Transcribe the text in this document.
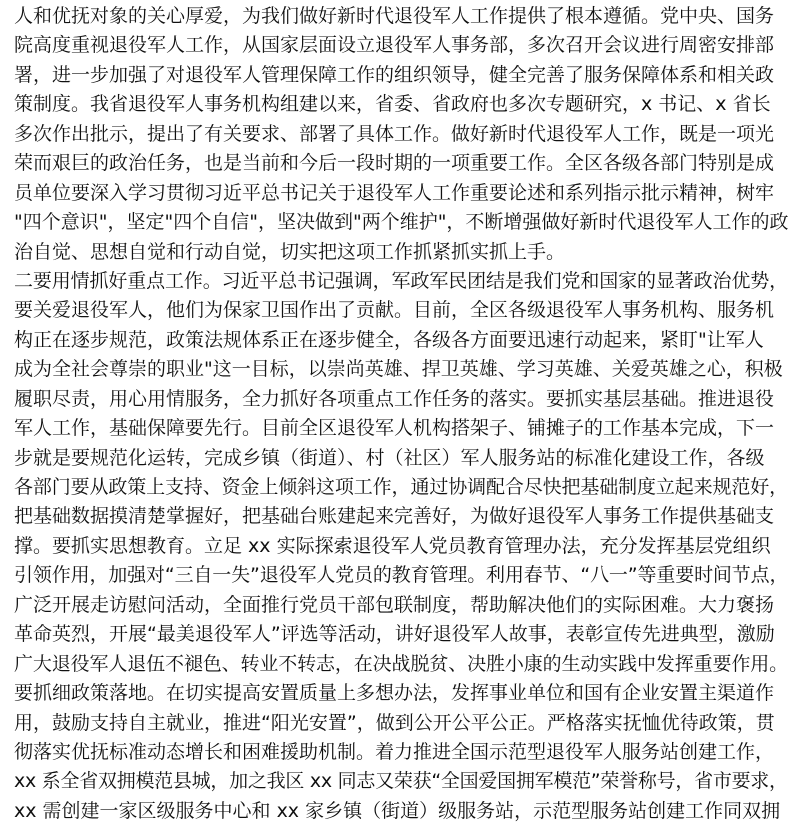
人和优抚对象的关心厚爱，为我们做好新时代退役军人工作提供了根本遵循。党中央、国务
院高度重视退役军人工作，从国家层面设立退役军人事务部，多次召开会议进行周密安排部
署，进一步加强了对退役军人管理保障工作的组织领导，健全完善了服务保障体系和相关政
策制度。我省退役军人事务机构组建以来，省委、省政府也多次专题研究，x 书记、x 省长
多次作出批示，提出了有关要求、部署了具体工作。做好新时代退役军人工作，既是一项光
荣而艰巨的政治任务，也是当前和今后一段时期的一项重要工作。全区各级各部门特别是成
员单位要深入学习贯彻习近平总书记关于退役军人工作重要论述和系列指示批示精神，树牢
"四个意识"，坚定"四个自信"，坚决做到"两个维护"，不断增强做好新时代退役军人工作的政
治自觉、思想自觉和行动自觉，切实把这项工作抓紧抓实抓上手。
二要用情抓好重点工作。习近平总书记强调，军政军民团结是我们党和国家的显著政治优势，
要关爱退役军人，他们为保家卫国作出了贡献。目前，全区各级退役军人事务机构、服务机
构正在逐步规范，政策法规体系正在逐步健全，各级各方面要迅速行动起来，紧盯"让军人
成为全社会尊崇的职业"这一目标，以崇尚英雄、捍卫英雄、学习英雄、关爱英雄之心，积极
履职尽责，用心用情服务，全力抓好各项重点工作任务的落实。要抓实基层基础。推进退役
军人工作，基础保障要先行。目前全区退役军人机构搭架子、铺摊子的工作基本完成，下一
步就是要规范化运转，完成乡镇（街道）、村（社区）军人服务站的标准化建设工作，各级
各部门要从政策上支持、资金上倾斜这项工作，通过协调配合尽快把基础制度立起来规范好，
把基础数据摸清楚掌握好，把基础台账建起来完善好，为做好退役军人事务工作提供基础支
撑。要抓实思想教育。立足 xx 实际探索退役军人党员教育管理办法，充分发挥基层党组织
引领作用，加强对“三自一失”退役军人党员的教育管理。利用春节、“八一”等重要时间节点，
广泛开展走访慰问活动，全面推行党员干部包联制度，帮助解决他们的实际困难。大力褒扬
革命英烈，开展“最美退役军人”评选等活动，讲好退役军人故事，表彰宣传先进典型，激励
广大退役军人退伍不褪色、转业不转志，在决战脱贫、决胜小康的生动实践中发挥重要作用。
要抓细政策落地。在切实提高安置质量上多想办法，发挥事业单位和国有企业安置主渠道作
用，鼓励支持自主就业，推进“阳光安置”，做到公开公平公正。严格落实抚恤优待政策，贯
彻落实优抚标准动态增长和困难援助机制。着力推进全国示范型退役军人服务站创建工作，
xx 系全省双拥模范县城，加之我区 xx 同志又荣获“全国爱国拥军模范”荣誉称号，省市要求，
xx 需创建一家区级服务中心和 xx 家乡镇（街道）级服务站，示范型服务站创建工作同双拥
